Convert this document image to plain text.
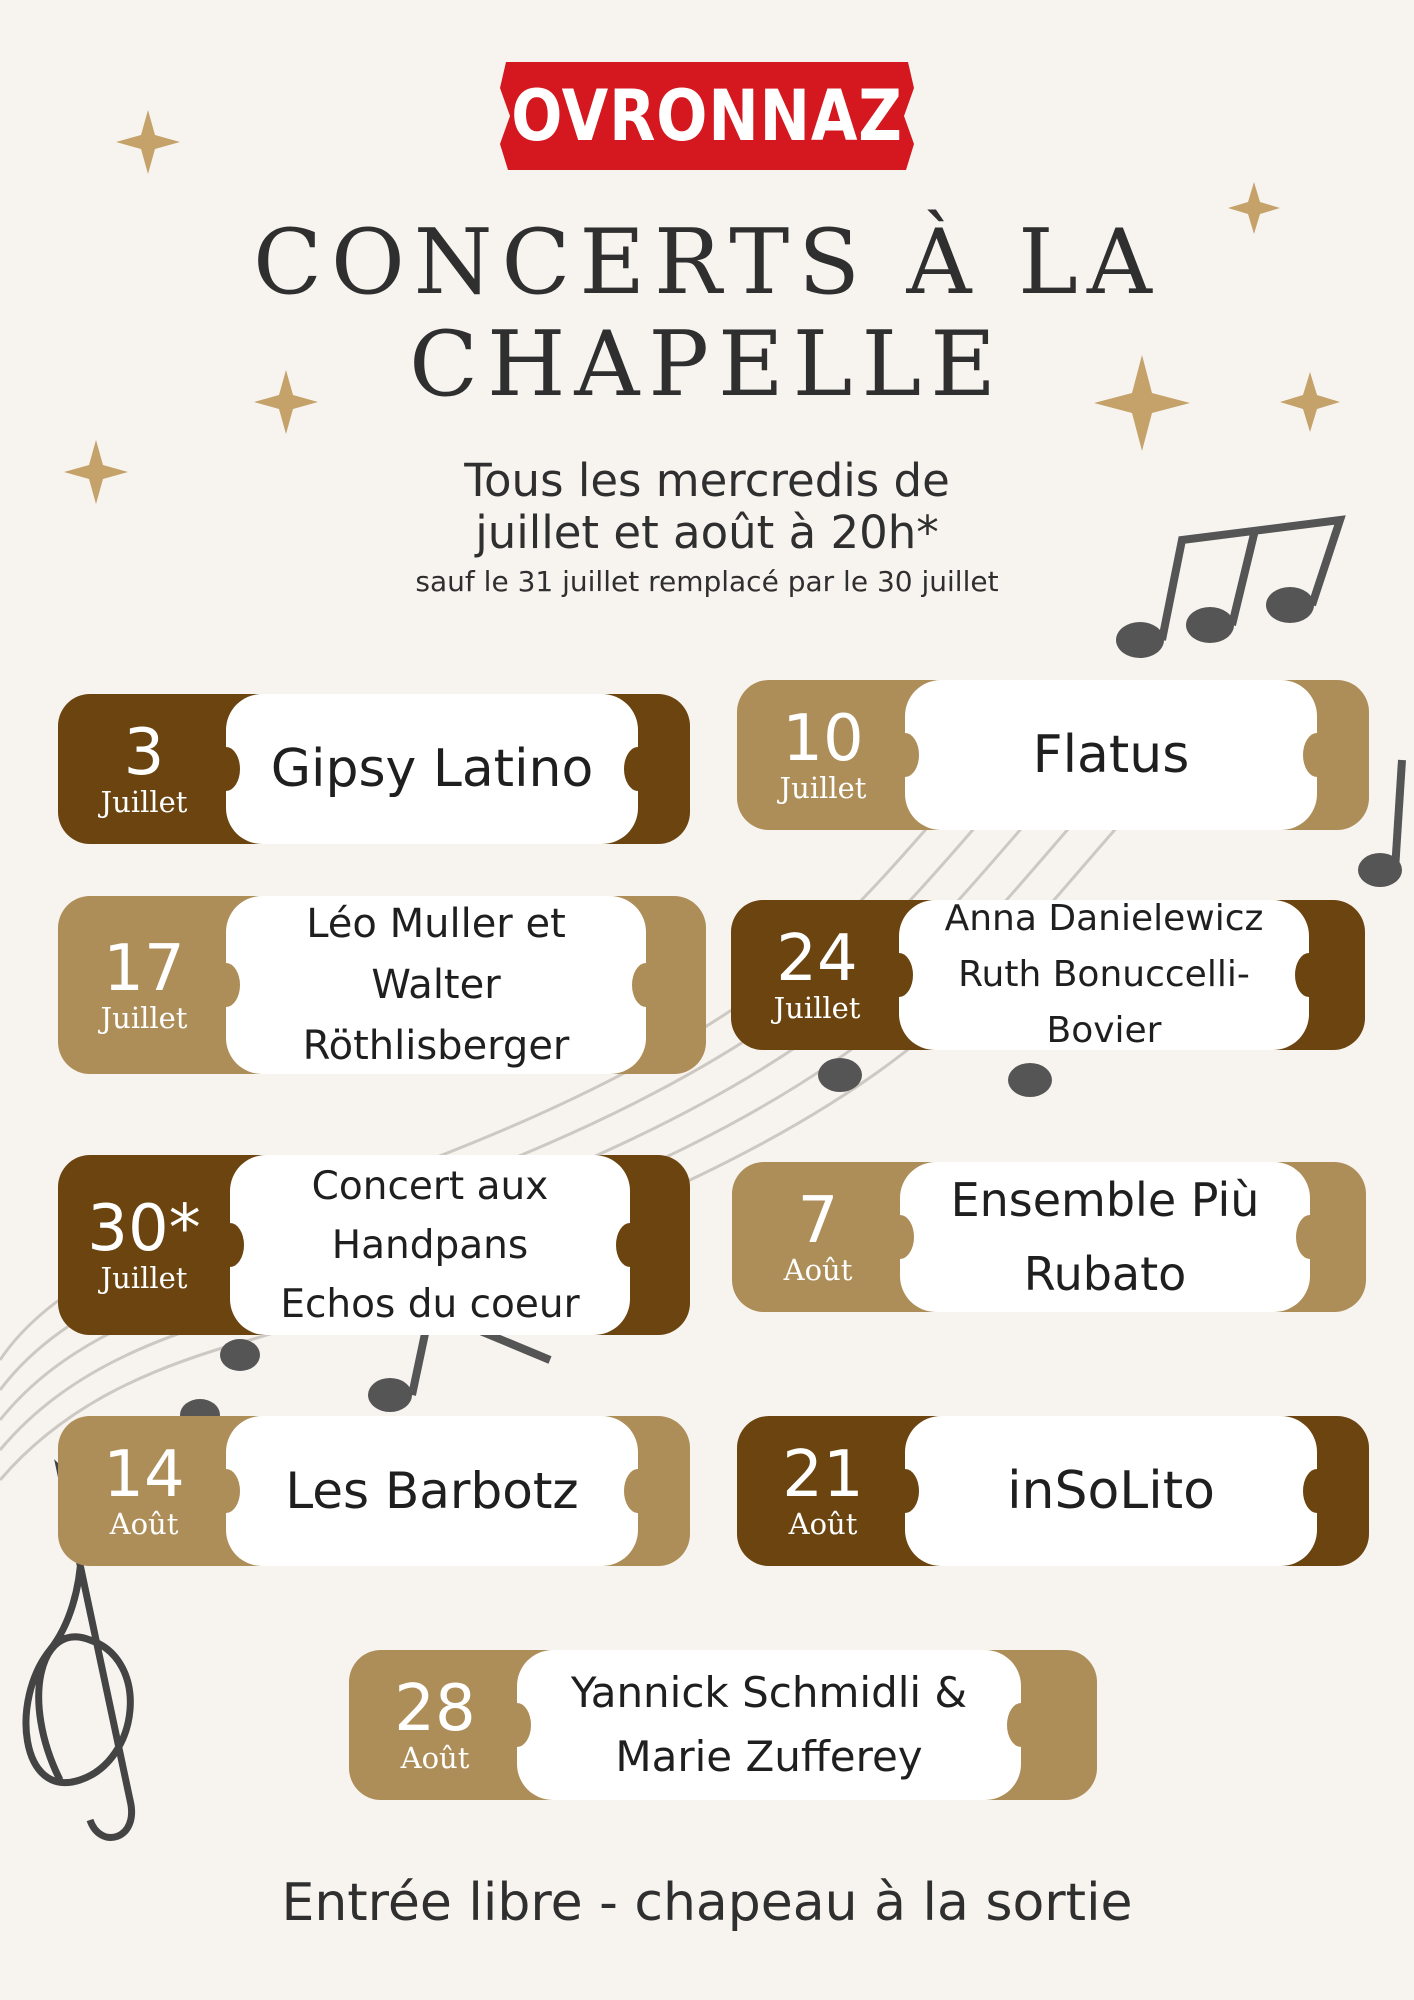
OVRONNAZ
CONCERTS À LA
CHAPELLE
Tous les mercredis de
juillet et août à 20h*
sauf le 31 juillet remplacé par le 30 juillet
3
Juillet
Gipsy Latino	10
Juillet
Flatus
17
Juillet
Léo Muller et
Walter
Röthlisberger
24
Juillet
Anna Danielewicz
Ruth Bonuccelli-
Bovier
30*
Juillet
Concert aux
Handpans
Echos du coeur
7
Août
Ensemble Più
Rubato
14
Août
Les Barbotz	21
Août
inSoLito
28
Août
Yannick Schmidli &
Marie Zufferey
Entrée libre - chapeau à la sortie
